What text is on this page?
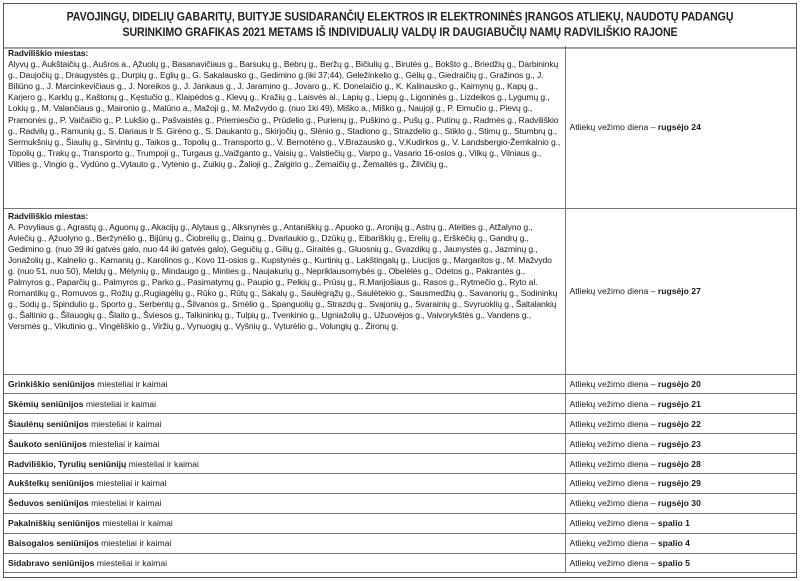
PAVOJINGŲ, DIDELIŲ GABARITŲ, BUITYJE SUSIDARANČIŲ ELEKTROS IR ELEKTRONINĖS ĮRANGOS ATLIEKŲ, NAUDOTŲ PADANGŲ
SURINKIMO GRAFIKAS 2021 METAMS IŠ INDIVIDUALIŲ VALDŲ IR DAUGIABUČIŲ NAMŲ RADVILIŠKIO RAJONE
Radviliškio miestas:
Alyvų g., Aukštaičių g., Aušros a., Ąžuolų g., Basanavičiaus g., Barsukų g., Bebrų g., Beržų g., Bičiulių g., Birutės g., Bokšto g., Briedžių g., Darbininkų g., Daujočių g., Draugystės g., Durpių g., Eglių g., G. Sakalausko g., Gedimino g.(iki 37;44), Geležinkelio g., Gėlių g., Giedraičių g., Gražinos g., J. Biliūno g., J. Marcinkevičiaus g., J. Noreikos g., J. Jankaus g., J. Jaramino g., Jovaro g., K. Donelaičio g., K. Kalinausko g., Kaimynų g., Kapų g., Karjero g., Karklų g., Kaštonų g., Kęstučio g., Klaipėdos g., Klevų g., Kražių g., Laisvės al., Lapių g., Liepų g., Ligoninės g., Lizdeikos g., Lygumų g., Lokių g., M. Valančiaus g., Maironio g., Malūno a., Mažoji g., M. Mažvydo g. (nuo 1ki 49), Miško a., Miško g., Naujoji g., P. Eimučio g., Pievų g., Pramonės g., P. Vaičaičio g., P. Lukšio g., Pašvaistės g., Priemiesčio g., Prūdelio g., Purienų g., Puškino g., Pušų g., Putinų g., Radmės g., Radviliškio g., Radvilų g., Ramunių g., S. Dariaus ir S. Girėno g., S. Daukanto g., Skirjočių g., Slėnio g., Stadiono g., Strazdelio g., Stiklo g., Stirnų g., Stumbrų g., Sermukšnių g., Šiaulių g., Sirvintų g., Taikos g., Topolių g., Transporto g., V. Bernotėno g., V.Brazausko g., V.Kudirkos g., V. Landsbergio-Žemkalnio g., Topolių g., Trakų g., Transporto g., Trumpoji g., Turgaus g.,Vaižganto g., Vaisių g., Valstiečių g., Varpo g., Vasario 16-osios g., Vilkų g., Vilniaus g., Vilties g., Vingio g., Vydūno g.,Vytauto g., Vytenio g., Zuikių g., Žalioji g., Žalgirio g., Žemaičių g., Žemaitės g., Žilvičių g.,	Atliekų vežimo diena – rugsėjo 24

Radviliškio miestas:
A. Povyliaus g., Agrastų g., Aguonų g., Akacijų g., Alytaus g., Alksnynės g., Antaniškių g., Apuoko g., Aronijų g., Astrų g., Ateities g., Atžalyno g., Aviečių g., Ąžuolyno g., Beržynėlio g., Bijūnų g., Čiobrelių g., Dainų g., Dvarlaukio g., Dzūkų g., Eibariškių g., Erelių g., Erškėčių g., Gandrų g., Gedimino g. (nuo 39 iki gatvės galo, nuo 44 iki gatvės galo), Gegučių g., Gilių g., Giraitės g., Gluosnių g., Gvazdikų g., Jaunystės g., Jazminų g., Jonažolių g., Kalnelio g., Kamanių g., Karolinos g., Kovo 11-osios g., Kupstynės g., Kurtinių g., Lakštingalų g., Liucijos g., Margaritos g., M. Mažvydo g. (nuo 51, nuo 50), Meldų g., Mėlynių g., Mindaugo g., Minties g., Naujakurių g., Nepriklausomybės g., Obelėlės g., Odetos g., Pakrantės g., Palmyros g., Paparčių g., Palmyros g., Parko g., Pasimatymų g., Paupio g., Pelkių g., Prūsų g., R.Marijošiaus g., Rasos g., Rytmečio g., Ryto al. Romantikų g., Romuvos g., Rožių g.,Rugiagėlių g., Rūko g., Rūtų g., Sakalų g., Saulėgrąžų g., Saulėtekio g., Sausmedžių g., Savanorių g., Sodininkų g., Sodų g., Spindulio g., Sporto g., Serbentų g., Šilvanos g., Smėlio g., Spanguolių g., Strazdų g., Svajonių g., Svarainių g., Svyruoklių g., Šaltalankių g., Šaltinio g., Šilauogių g., Šlaito g., Šviesos g., Talkininkų g., Tulpių g., Tvenkinio g., Ugniažolių g., Užuovėjos g., Vaivorykštės g., Vandens g., Versmės g., Vikutinio g., Vingėliškio g., Viržių g., Vynuogių g., Vyšnių g., Vyturėlio g., Volungių g., Žironų g.	Atliekų vežimo diena – rugsėjo 27
Grinkiškio seniūnijos miesteliai ir kaimai	Atliekų vežimo diena – rugsėjo 20
Skėmių seniūnijos miesteliai ir kaimai	Atliekų vežimo diena – rugsėjo 21
Šiaulėnų seniūnijos miesteliai ir kaimai	Atliekų vežimo diena – rugsėjo 22
Šaukoto seniūnijos miesteliai ir kaimai	Atliekų vežimo diena – rugsėjo 23
Radviliškio, Tyrulių seniūnijų miesteliai ir kaimai	Atliekų vežimo diena – rugsėjo 28
Aukštelkų seniūnijos miesteliai ir kaimai	Atliekų vežimo diena – rugsėjo 29
Šeduvos seniūnijos miesteliai ir kaimai	Atliekų vežimo diena – rugsėjo 30
Pakalniškių seniūnijos miesteliai ir kaimai	Atliekų vežimo diena – spalio 1
Baisogalos seniūnijos miesteliai ir kaimai	Atliekų vežimo diena – spalio 4
Sidabravo seniūnijos miesteliai ir kaimai	Atliekų vežimo diena – spalio 5
